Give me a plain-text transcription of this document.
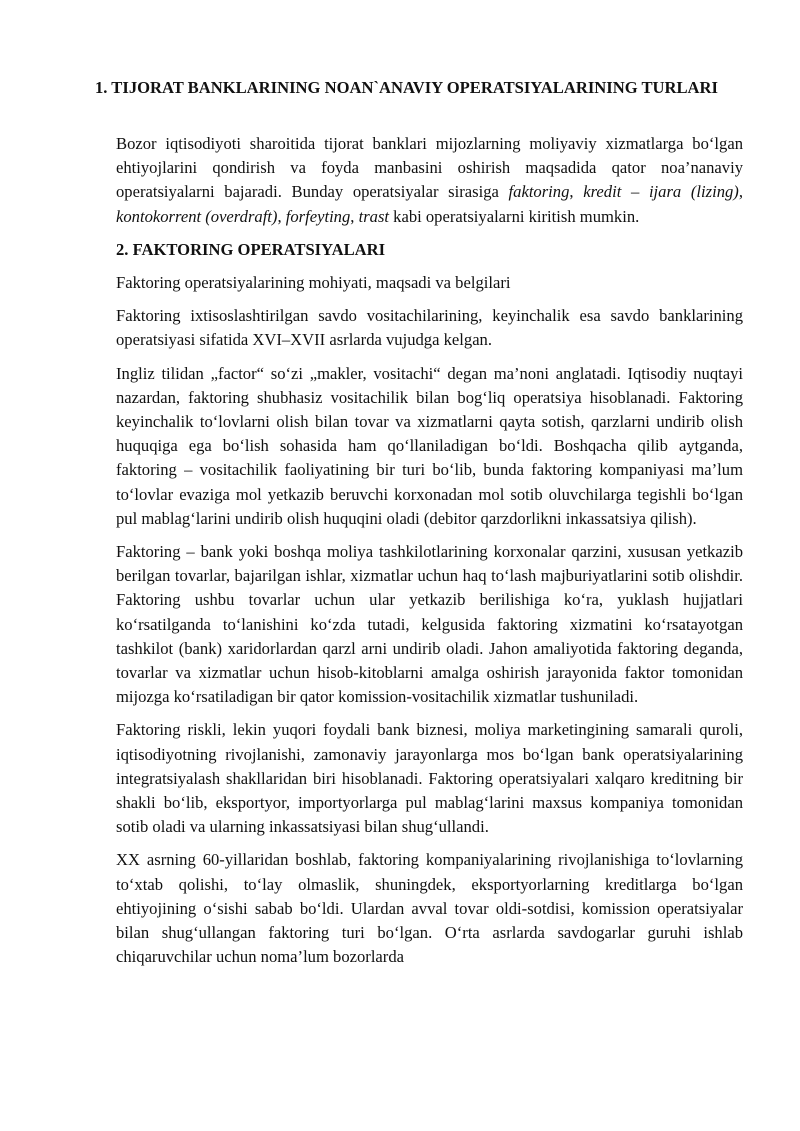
1. TIJORAT BANKLARINING NOAN`ANAVIY OPERATSIYALARINING TURLARI

Bozor iqtisodiyoti sharoitida tijorat banklari mijozlarning moliyaviy xizmatlarga bo‘lgan ehtiyojlarini qondirish va foyda manbasini oshirish maqsadida qator noa’nanaviy operatsiyalarni bajaradi. Bunday operatsiyalar sirasiga faktoring, kredit – ijara (lizing), kontokorrent (overdraft), forfeyting, trast kabi operatsiyalarni kiritish mumkin.

2. FAKTORING OPERATSIYALARI

Faktoring operatsiyalarining mohiyati, maqsadi va belgilari

Faktoring ixtisoslashtirilgan savdo vositachilarining, keyinchalik esa savdo banklarining operatsiyasi sifatida XVI–XVII asrlarda vujudga kelgan.

Ingliz tilidan „factor“ so‘zi „makler, vositachi“ degan ma’noni anglatadi. Iqtisodiy nuqtayi nazardan, faktoring shubhasiz vositachilik bilan bog‘liq operatsiya hisoblanadi. Faktoring keyinchalik to‘lovlarni olish bilan tovar va xizmatlarni qayta sotish, qarzlarni undirib olish huquqiga ega bo‘lish sohasida ham qo‘llaniladigan bo‘ldi. Boshqacha qilib aytganda, faktoring – vositachilik faoliyatining bir turi bo‘lib, bunda faktoring kompaniyasi ma’lum to‘lovlar evaziga mol yetkazib beruvchi korxonadan mol sotib oluvchilarga tegishli bo‘lgan pul mablag‘larini undirib olish huquqini oladi (debitor qarzdorlikni inkassatsiya qilish).

Faktoring – bank yoki boshqa moliya tashkilotlarining korxonalar qarzini, xususan yetkazib berilgan tovarlar, bajarilgan ishlar, xizmatlar uchun haq to‘lash majburiyatlarini sotib olishdir. Faktoring ushbu tovarlar uchun ular yetkazib berilishiga ko‘ra, yuklash hujjatlari ko‘rsatilganda to‘lanishini ko‘zda tutadi, kelgusida faktoring xizmatini ko‘rsatayotgan tashkilot (bank) xaridorlardan qarzl arni undirib oladi. Jahon amaliyotida faktoring deganda, tovarlar va xizmatlar uchun hisob-kitoblarni amalga oshirish jarayonida faktor tomonidan mijozga ko‘rsatiladigan bir qator komission-vositachilik xizmatlar tushuniladi.

Faktoring riskli, lekin yuqori foydali bank biznesi, moliya marketingining samarali quroli, iqtisodiyotning rivojlanishi, zamonaviy jarayonlarga mos bo‘lgan bank operatsiyalarining integratsiyalash shakllaridan biri hisoblanadi. Faktoring operatsiyalari xalqaro kreditning bir shakli bo‘lib, eksportyor, importyorlarga pul mablag‘larini maxsus kompaniya tomonidan sotib oladi va ularning inkassatsiyasi bilan shug‘ullandi.

XX asrning 60-yillaridan boshlab, faktoring kompaniyalarining rivojlanishiga to‘lovlarning to‘xtab qolishi, to‘lay olmaslik, shuningdek, eksportyorlarning kreditlarga bo‘lgan ehtiyojining o‘sishi sabab bo‘ldi. Ulardan avval tovar oldi-sotdisi, komission operatsiyalar bilan shug‘ullangan faktoring turi bo‘lgan. O‘rta asrlarda savdogarlar guruhi ishlab chiqaruvchilar uchun noma’lum bozorlarda
